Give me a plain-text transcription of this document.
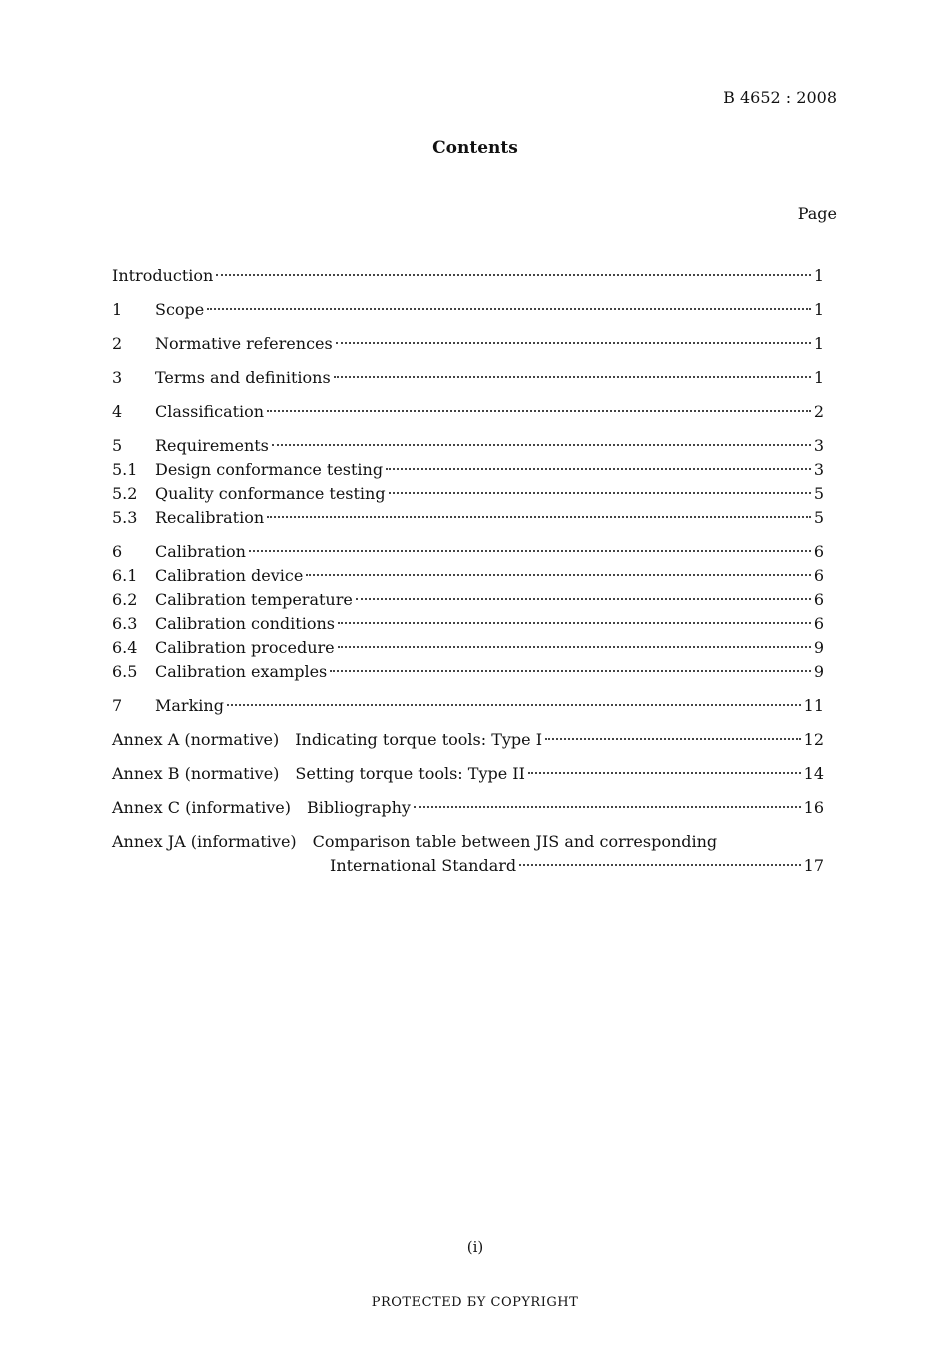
B 4652 : 2008
Contents
Page
Introduction	1
1	Scope	1
2	Normative references	1
3	Terms and definitions	1
4	Classification	2
5	Requirements	3
5.1	Design conformance testing	3
5.2	Quality conformance testing	5
5.3	Recalibration	5
6	Calibration	6
6.1	Calibration device	6
6.2	Calibration temperature	6
6.3	Calibration conditions	6
6.4	Calibration procedure	9
6.5	Calibration examples	9
7	Marking	11
Annex A (normative) Indicating torque tools: Type I	12
Annex B (normative) Setting torque tools: Type II	14
Annex C (informative) Bibliography	16
Annex JA (informative) Comparison table between JIS and corresponding
International Standard	17
(i)
PROTECTED БY COPYRIGHT
